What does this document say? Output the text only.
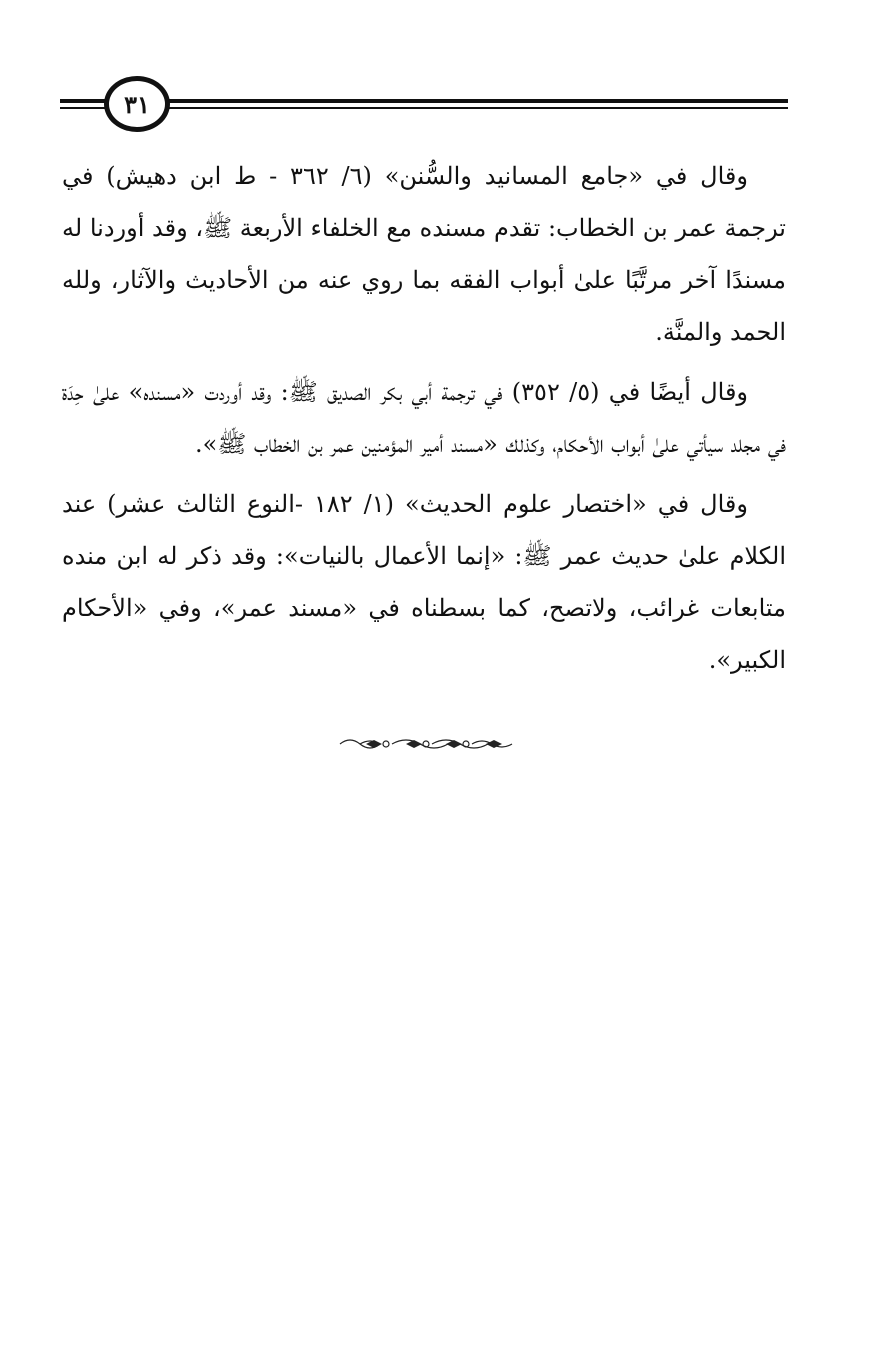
٣١

وقال في «جامع المسانيد والسُّنن» (٦/ ٣٦٢ - ط ابن دهيش) في ترجمة عمر بن الخطاب: تقدم مسنده مع الخلفاء الأربعة ﷺ، وقد أوردنا له مسندًا آخر مرتَّبًا علىٰ أبواب الفقه بما روي عنه من الأحاديث والآثار، ولله الحمد والمنَّة.

وقال أيضًا في (٥/ ٣٥٢) في ترجمة أبي بكر الصديق ﷺ: وقد أوردت «مسنده» علىٰ حِدَة في مجلد سيأتي علىٰ أبواب الأحكام، وكذلك «مسند أمير المؤمنين عمر بن الخطاب ﷺ».

وقال في «اختصار علوم الحديث» (١/ ١٨٢ -النوع الثالث عشر) عند الكلام علىٰ حديث عمر ﷺ: «إنما الأعمال بالنيات»: وقد ذكر له ابن منده متابعات غرائب، ولاتصح، كما بسطناه في «مسند عمر»، وفي «الأحكام الكبير».
